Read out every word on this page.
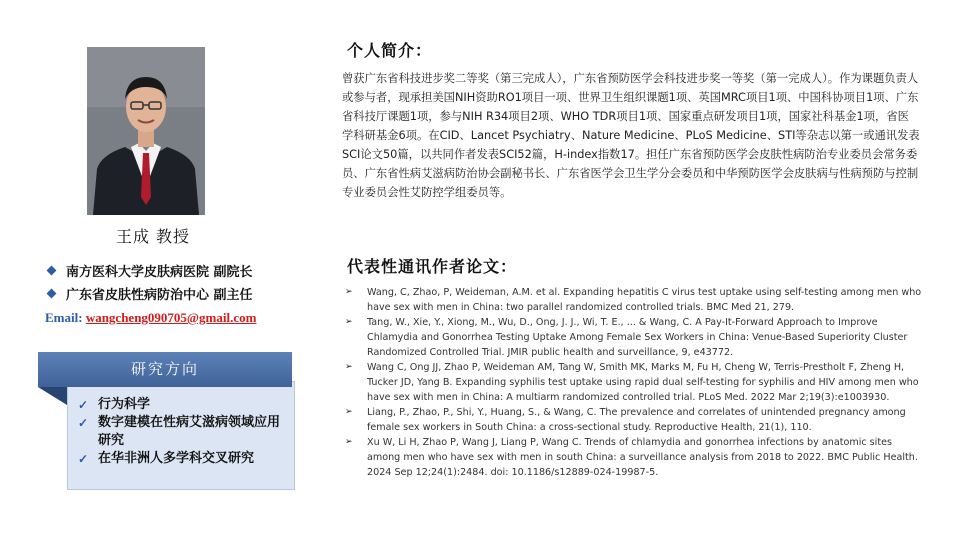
王成 教授
南方医科大学皮肤病医院 副院长
广东省皮肤性病防治中心 副主任
Email: wangcheng090705@gmail.com
研究方向
✓ 行为科学
✓ 数字建模在性病艾滋病领域应用研究
✓ 在华非洲人多学科交叉研究
个人简介：
曾获广东省科技进步奖二等奖（第三完成人），广东省预防医学会科技进步奖一等奖（第一完成人）。作为课题负责人或参与者，现承担美国NIH资助RO1项目一项、世界卫生组织课题1项、英国MRC项目1项、中国科协项目1项、广东省科技厅课题1项，参与NIH R34项目2项、WHO TDR项目1项、国家重点研发项目1项，国家社科基金1项，省医学科研基金6项。在CID、Lancet Psychiatry、Nature Medicine、PLoS Medicine、STI等杂志以第一或通讯发表SCI论文50篇，以共同作者发表SCI52篇，H-index指数17。担任广东省预防医学会皮肤性病防治专业委员会常务委员、广东省性病艾滋病防治协会副秘书长、广东省医学会卫生学分会委员和中华预防医学会皮肤病与性病预防与控制专业委员会性艾防控学组委员等。
代表性通讯作者论文：
➢	Wang, C, Zhao, P, Weideman, A.M. et al. Expanding hepatitis C virus test uptake using self-testing among men who have sex with men in China: two parallel randomized controlled trials. BMC Med 21, 279.
➢	Tang, W., Xie, Y., Xiong, M., Wu, D., Ong, J. J., Wi, T. E., ... & Wang, C. A Pay-It-Forward Approach to Improve Chlamydia and Gonorrhea Testing Uptake Among Female Sex Workers in China: Venue-Based Superiority Cluster Randomized Controlled Trial. JMIR public health and surveillance, 9, e43772.
➢	Wang C, Ong JJ, Zhao P, Weideman AM, Tang W, Smith MK, Marks M, Fu H, Cheng W, Terris-Prestholt F, Zheng H, Tucker JD, Yang B. Expanding syphilis test uptake using rapid dual self-testing for syphilis and HIV among men who have sex with men in China: A multiarm randomized controlled trial. PLoS Med. 2022 Mar 2;19(3):e1003930.
➢	Liang, P., Zhao, P., Shi, Y., Huang, S., & Wang, C. The prevalence and correlates of unintended pregnancy among female sex workers in South China: a cross-sectional study. Reproductive Health, 21(1), 110.
➢	Xu W, Li H, Zhao P, Wang J, Liang P, Wang C. Trends of chlamydia and gonorrhea infections by anatomic sites among men who have sex with men in south China: a surveillance analysis from 2018 to 2022. BMC Public Health. 2024 Sep 12;24(1):2484. doi: 10.1186/s12889-024-19987-5.
